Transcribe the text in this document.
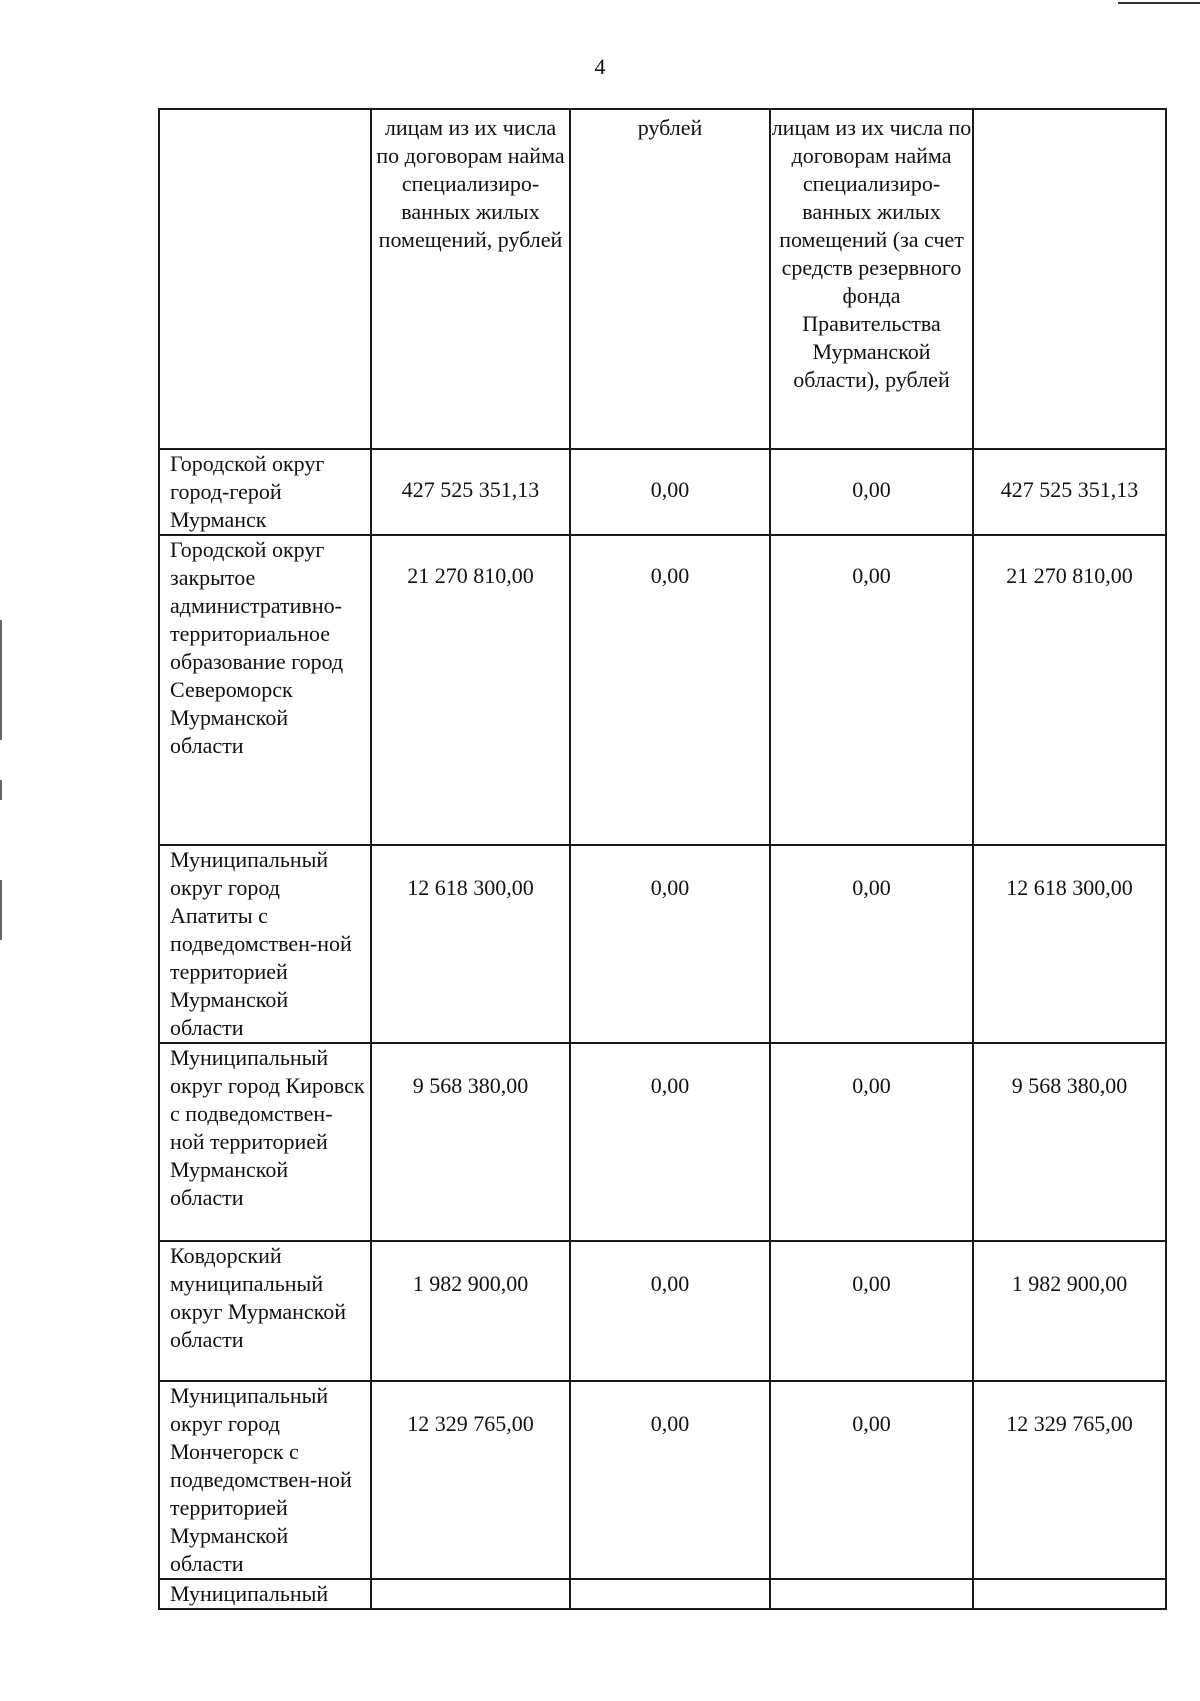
4
	лицам из их числа по договорам найма специализиро-ванных жилых помещений, рублей	рублей	лицам из их числа по договорам найма специализиро-ванных жилых помещений (за счет средств резервного фонда Правительства Мурманской области), рублей	
Городской округ город-герой Мурманск	427 525 351,13	0,00	0,00	427 525 351,13

Городской округ закрытое административно-территориальное образование город Североморск Мурманской области	21 270 810,00	0,00	0,00	21 270 810,00

Муниципальный округ город Апатиты с подведомствен-ной территорией Мурманской области	12 618 300,00	0,00	0,00	12 618 300,00

Муниципальный округ город Кировск с подведомствен-ной территорией Мурманской области	9 568 380,00	0,00	0,00	9 568 380,00

Ковдорский муниципальный округ Мурманской области	1 982 900,00	0,00	0,00	1 982 900,00

Муниципальный округ город Мончегорск с подведомствен-ной территорией Мурманской области	12 329 765,00	0,00	0,00	12 329 765,00

Муниципальный	
